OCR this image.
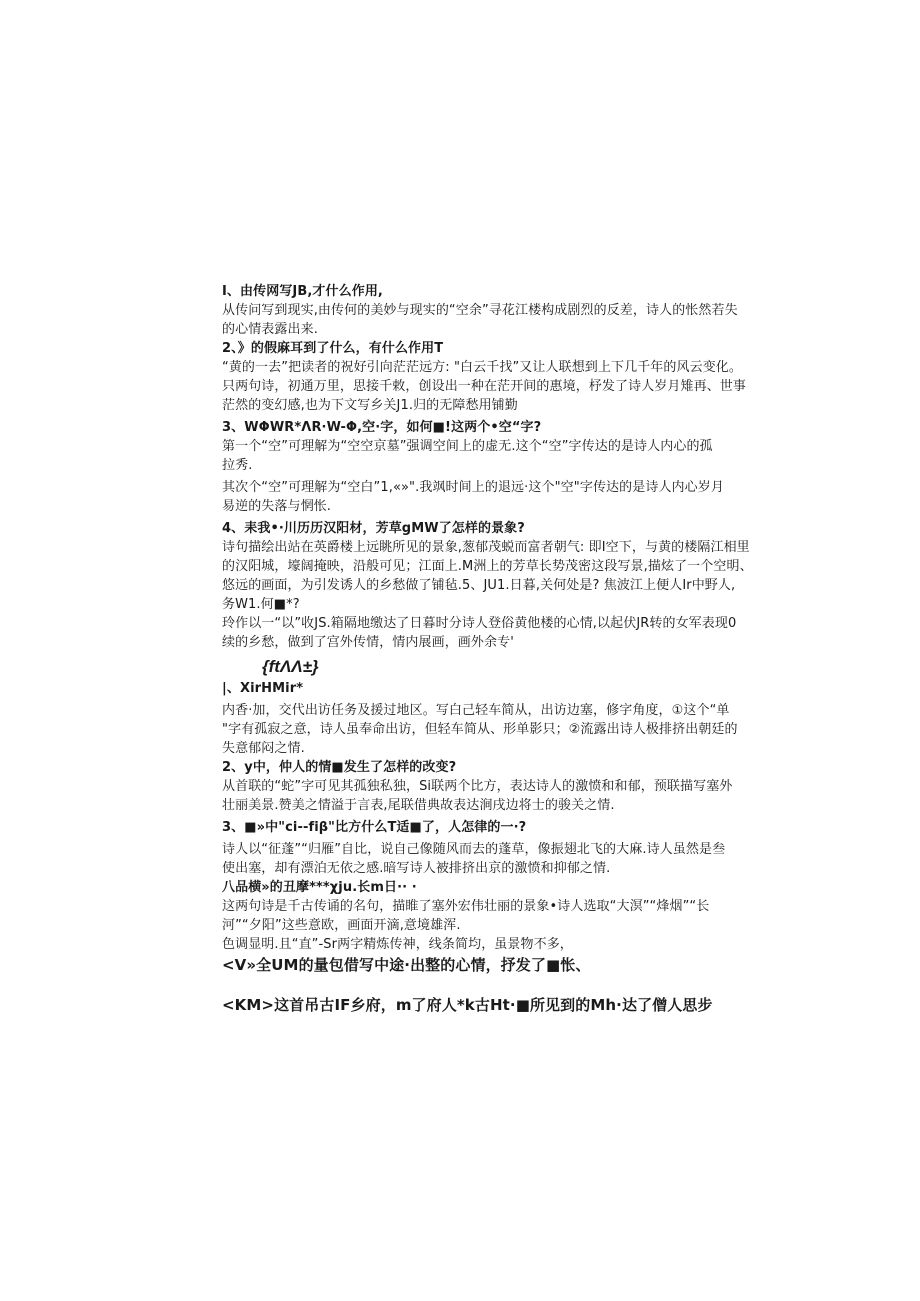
I、由传网写JB,才什么作用,
从传问写到现实,由传何的美妙与现实的“空余”寻花江楼构成剧烈的反差，诗人的怅然若失
的心情表露出来.
2、》的假麻耳到了什么，有什么作用T
“黄的一去”把读者的祝好引向茫茫远方: "白云千找”又让人联想到上下几千年的风云变化。
只两句诗，初通万里，思接千敕，创设出一种在茫开间的惠境，杼发了诗人岁月雉再、世事
茫然的变幻感,也为下文写乡关J1.归的无障愁用铺勤
3、WΦWR*ΛR·W-Φ,空·字，如何■!这两个•空“字?
第一个“空”可理解为“空空京墓”强调空间上的虚无.这个“空”字传达的是诗人内心的孤
拉秀.
其次个“空”可理解为“空白”1,«»".我飒时间上的退远·这个"空"字传达的是诗人内心岁月
易逆的失落与惘怅.
4、耒我•·川历历汉阳材，芳草gMW了怎样的景象?
诗句描绘出站在英爵楼上远眺所见的景象,葱郁茂蜕而富者朝气: 即I空下，与黄的楼隔江相里
的汉阳城，壕阔掩映，沿般可见；江面上.M洲上的芳草长势茂密这段写景,描炫了一个空明、
悠远的画面，为引发诱人的乡愁做了铺毡.5、JU1.日暮,关何处是? 焦波江上便人Ir中野人,
务W1.何■*?
玲作以一“以”收JS.箱隔地缴达了日暮时分诗人登俗黄他楼的心情,以起伏JR转的女军表现0
续的乡愁，做到了宫外传情，情内展画，画外余专'
{ftΛΛ±}
|、XirHMir*
内香·加，交代出访任务及援过地区。写白己轻车简从，出访边塞，修字角度，①这个“单
"字有孤寂之意，诗人虽奉命出访，但轻车简从、形单影只；②流露出诗人极排挤出朝廷的
失意郁闷之情.
2、y中，仲人的情■发生了怎样的改变?
从首联的“蛇”字可见其孤独私独，Si联两个比方，表达诗人的激愤和和郁，预联描写塞外
壮丽美景.赞美之情溢于言表,尾联借典故表达涧戌边将士的骏关之情.
3、■»中"ci--fiβ"比方什么T适■了，人怎律的一·?
诗人以“征蓬”“归雁”自比，说自己像随风而去的蓬草，像振翅北飞的大麻.诗人虽然是叁
使出塞，却有漂泊无依之感.暗写诗人被排挤出京的激愤和抑郁之情.
八品横»的丑摩***χju.长m日·· ·
这两句诗是千古传诵的名句，描睢了塞外宏伟壮丽的景象•诗人选取“大溟”“烽烟”“长
河”“夕阳”这些意欧，画面开滴,意境雄浑.
色调显明.且“直”-Sr两字精炼传神，线条简均，虽景物不多，
<V»全UM的量包借写中途·出整的心情，抒发了■怅、
<KM>这首吊古IF乡府，m了府人*k古Ht·■所见到的Mh·达了僧人思步
